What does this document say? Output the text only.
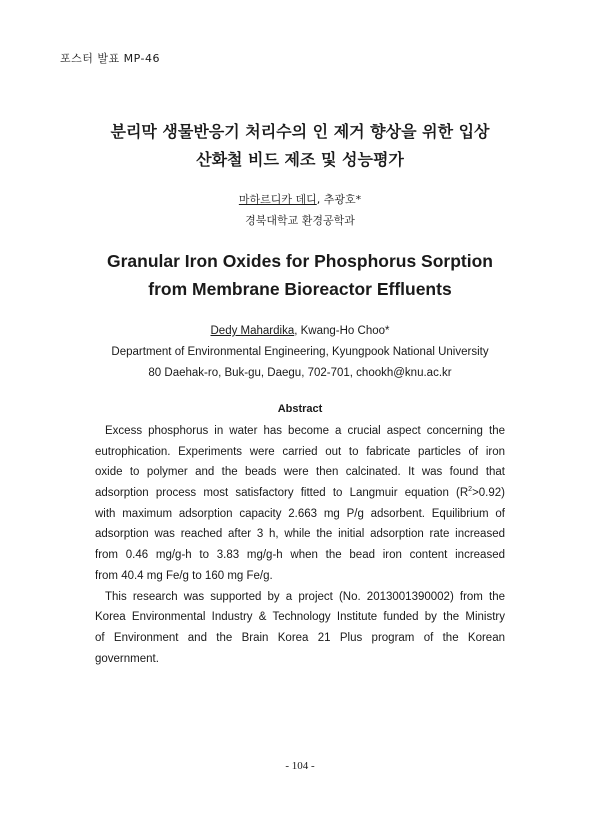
포스터 발표 MP-46
분리막 생물반응기 처리수의 인 제거 향상을 위한 입상
산화철 비드 제조 및 성능평가
마하르디카 데디, 추광호*
경북대학교 환경공학과
Granular Iron Oxides for Phosphorus Sorption
from Membrane Bioreactor Effluents
Dedy Mahardika, Kwang-Ho Choo*
Department of Environmental Engineering, Kyungpook National University
80 Daehak-ro, Buk-gu, Daegu, 702-701, chookh@knu.ac.kr
Abstract
Excess phosphorus in water has become a crucial aspect concerning the
eutrophication. Experiments were carried out to fabricate particles of iron
oxide to polymer and the beads were then calcinated. It was found that
adsorption process most satisfactory fitted to Langmuir equation $(R^2>0.92)$
with maximum adsorption capacity 2.663 mg P/g adsorbent. Equilibrium of
adsorption was reached after 3 h, while the initial adsorption rate increased
from 0.46 mg/g-h to 3.83 mg/g-h when the bead iron content increased
from 40.4 mg Fe/g to 160 mg Fe/g.
This research was supported by a project (No. 2013001390002) from the
Korea Environmental Industry & Technology Institute funded by the Ministry
of Environment and the Brain Korea 21 Plus program of the Korean
government.
- 104 -
